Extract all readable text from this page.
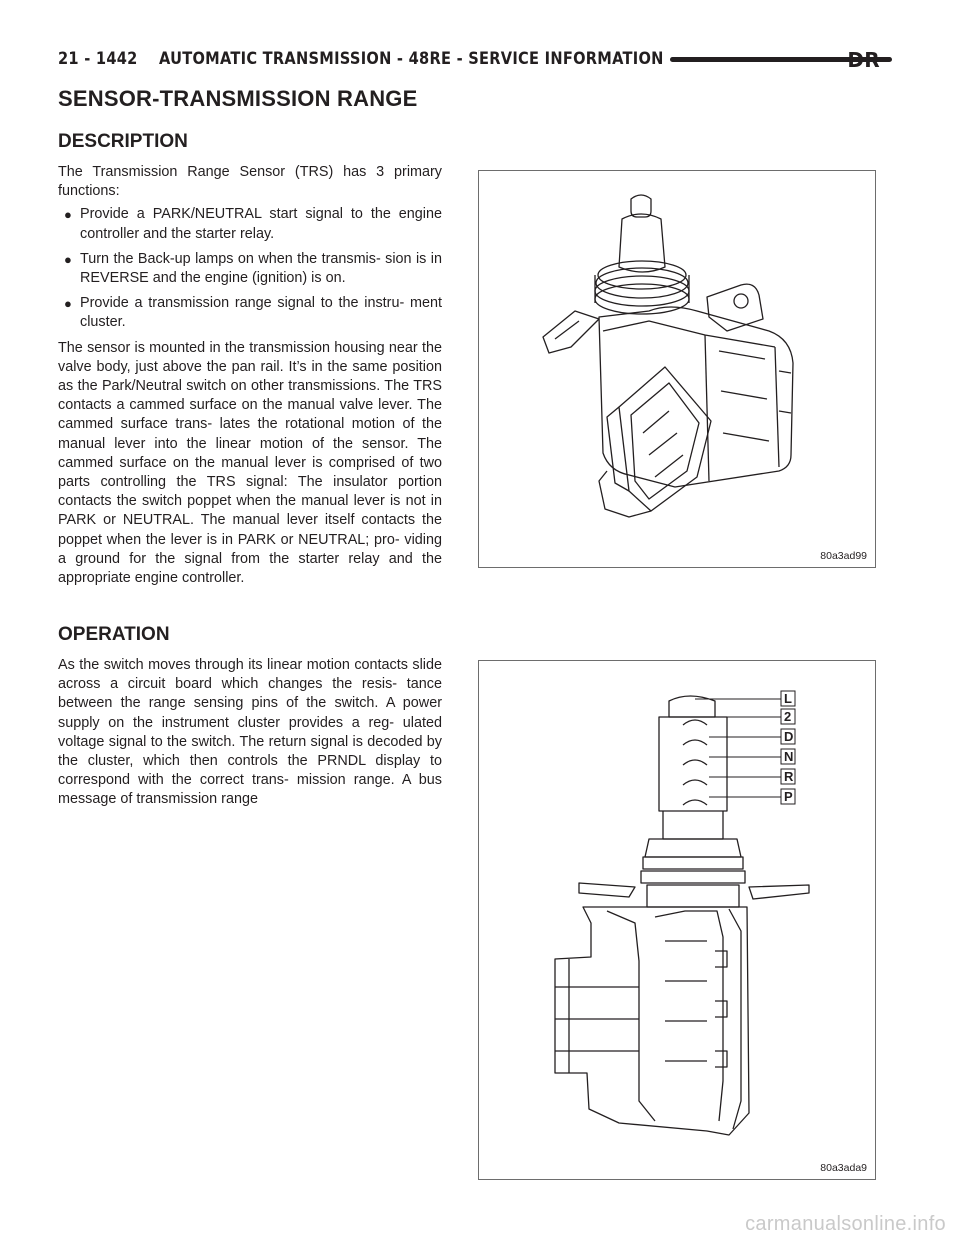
21 - 1442 AUTOMATIC TRANSMISSION - 48RE - SERVICE INFORMATION	DR
SENSOR-TRANSMISSION RANGE
DESCRIPTION

The Transmission Range Sensor (TRS) has 3 primary functions:

● Provide a PARK/NEUTRAL start signal to the engine controller and the starter relay.
● Turn the Back-up lamps on when the transmis- sion is in REVERSE and the engine (ignition) is on.
● Provide a transmission range signal to the instru- ment cluster.

The sensor is mounted in the transmission housing near the valve body, just above the pan rail. It’s in the same position as the Park/Neutral switch on other transmissions. The TRS contacts a cammed surface on the manual valve lever. The cammed surface trans- lates the rotational motion of the manual lever into the linear motion of the sensor. The cammed surface on the manual lever is comprised of two parts controlling the TRS signal: The insulator portion contacts the switch poppet when the manual lever is not in PARK or NEUTRAL. The manual lever itself contacts the poppet when the lever is in PARK or NEUTRAL; pro- viding a ground for the signal from the starter relay and the appropriate engine controller.

OPERATION

As the switch moves through its linear motion contacts slide across a circuit board which changes the resis- tance between the range sensing pins of the switch. A power supply on the instrument cluster provides a reg- ulated voltage signal to the switch. The return signal is decoded by the cluster, which then controls the PRNDL display to correspond with the correct trans- mission range. A bus message of transmission range

80a3ad99
L
2
D
N
R
P
80a3ada9
carmanualsonline.info
